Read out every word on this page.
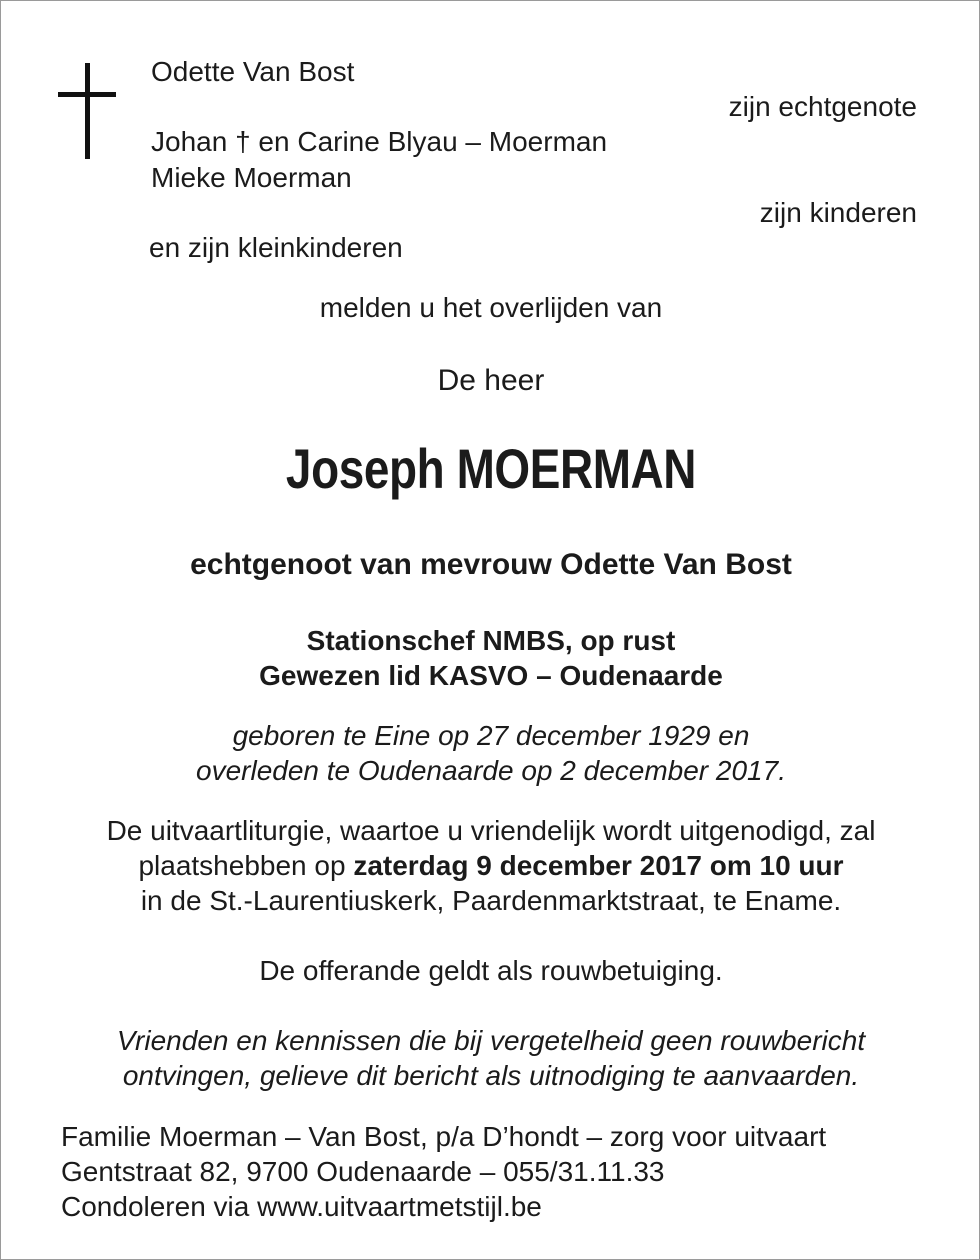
Odette Van Bost

zijn echtgenote

Johan † en Carine Blyau – Moerman

Mieke Moerman

zijn kinderen

en zijn kleinkinderen

melden u het overlijden van

De heer

Joseph MOERMAN

echtgenoot van mevrouw Odette Van Bost

Stationschef NMBS, op rust

Gewezen lid KASVO – Oudenaarde

geboren te Eine op 27 december 1929 en

overleden te Oudenaarde op 2 december 2017.

De uitvaartliturgie, waartoe u vriendelijk wordt uitgenodigd, zal

plaatshebben op zaterdag 9 december 2017 om 10 uur

in de St.-Laurentiuskerk, Paardenmarktstraat, te Ename.

De offerande geldt als rouwbetuiging.

Vrienden en kennissen die bij vergetelheid geen rouwbericht

ontvingen, gelieve dit bericht als uitnodiging te aanvaarden.

Familie Moerman – Van Bost, p/a D’hondt – zorg voor uitvaart

Gentstraat 82, 9700 Oudenaarde – 055/31.11.33

Condoleren via www.uitvaartmetstijl.be
